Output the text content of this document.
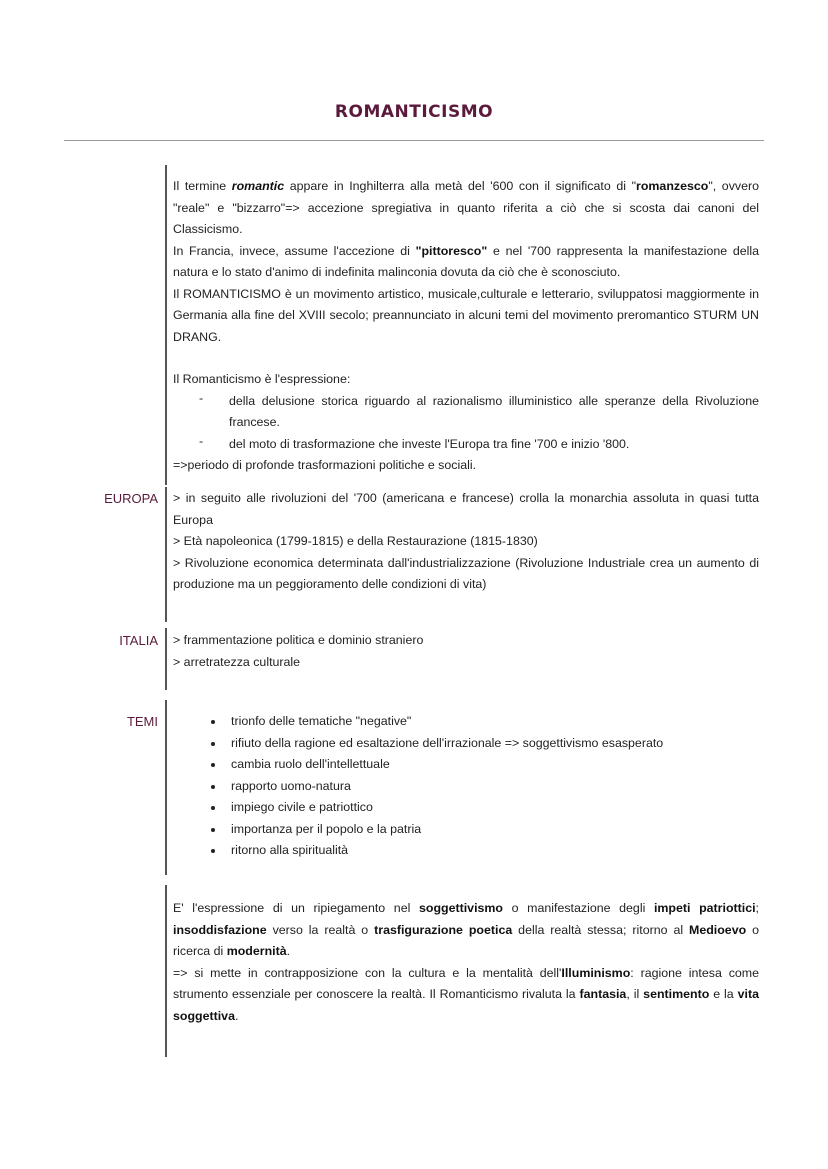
ROMANTICISMO

Il termine romantic appare in Inghilterra alla metà del '600 con il significato di "romanzesco", ovvero "reale" e "bizzarro"=> accezione spregiativa in quanto riferita a ciò che si scosta dai canoni del Classicismo.

In Francia, invece, assume l'accezione di "pittoresco" e nel '700 rappresenta la manifestazione della natura e lo stato d'animo di indefinita malinconia dovuta da ciò che è sconosciuto.

Il ROMANTICISMO è un movimento artistico, musicale,culturale e letterario, sviluppatosi maggiormente in Germania alla fine del XVIII secolo; preannunciato in alcuni temi del movimento preromantico STURM UN DRANG.

Il Romanticismo è l'espressione:

-	della delusione storica riguardo al razionalismo illuministico alle speranze della Rivoluzione francese.

-	del moto di trasformazione che investe l'Europa tra fine '700 e inizio '800.

=>periodo di profonde trasformazioni politiche e sociali.

EUROPA > in seguito alle rivoluzioni del '700 (americana e francese) crolla la monarchia assoluta in quasi tutta Europa

> Età napoleonica (1799-1815) e della Restaurazione (1815-1830)

> Rivoluzione economica determinata dall'industrializzazione (Rivoluzione Industriale crea un aumento di produzione ma un peggioramento delle condizioni di vita)

ITALIA > frammentazione politica e dominio straniero

> arretratezza culturale

TEMI	• trionfo delle tematiche "negative"
• rifiuto della ragione ed esaltazione dell'irrazionale => soggettivismo esasperato
• cambia ruolo dell'intellettuale
• rapporto uomo-natura
• impiego civile e patriottico
• importanza per il popolo e la patria
• ritorno alla spiritualità

E' l'espressione di un ripiegamento nel soggettivismo o manifestazione degli impeti patriottici; insoddisfazione verso la realtà o trasfigurazione poetica della realtà stessa; ritorno al Medioevo o ricerca di modernità.

=> si mette in contrapposizione con la cultura e la mentalità dell'Illuminismo: ragione intesa come strumento essenziale per conoscere la realtà. Il Romanticismo rivaluta la fantasia, il sentimento e la vita soggettiva.
